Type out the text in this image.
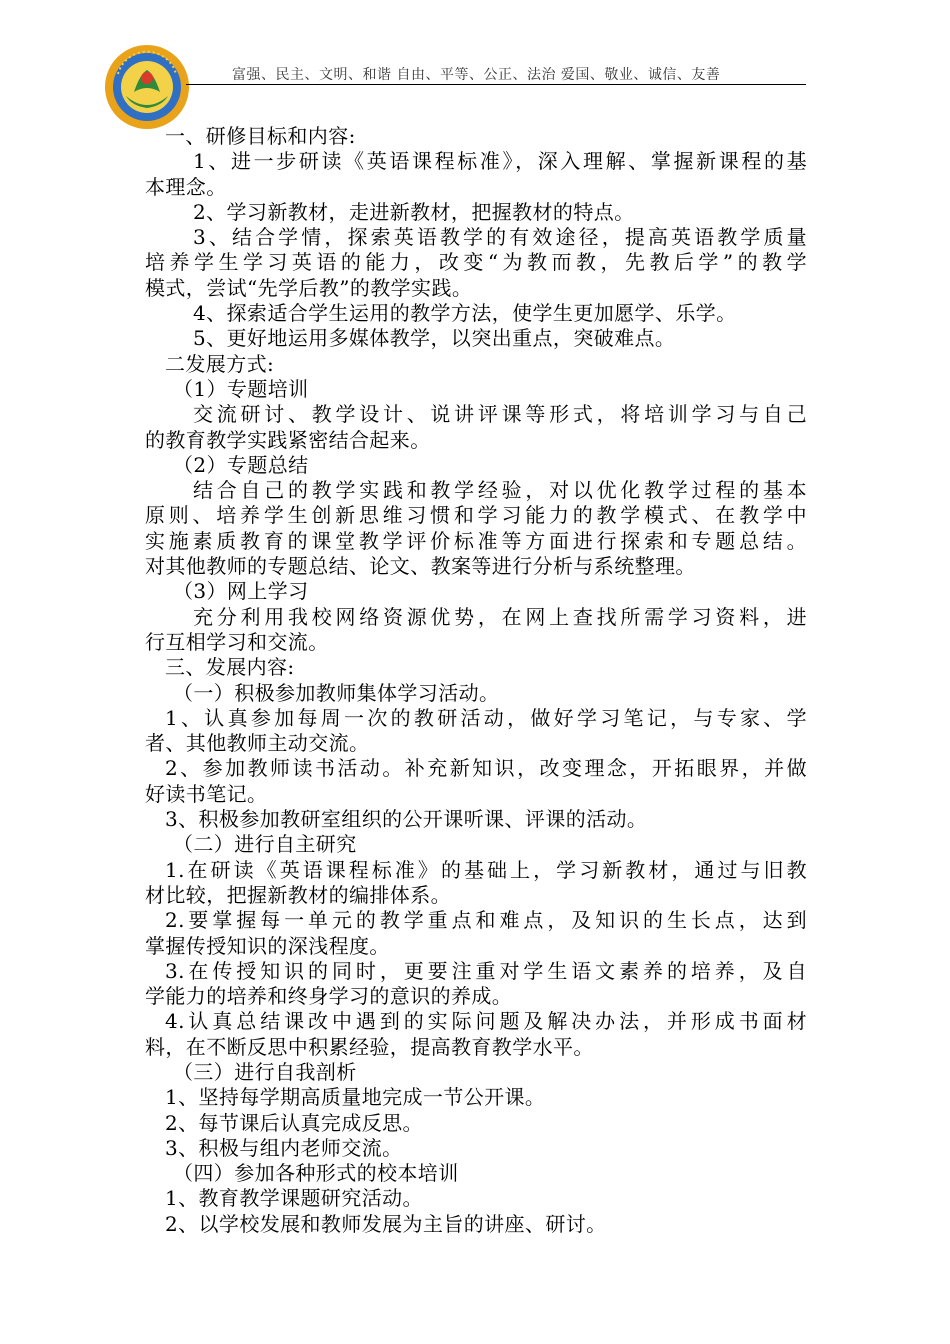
富强、民主、文明、和谐 自由、平等、公正、法治 爱国、敬业、诚信、友善
一、研修目标和内容:
1、进一步研读《英语课程标准》，深入理解、掌握新课程的基
本理念。
2、学习新教材，走进新教材，把握教材的特点。
3、结合学情，探索英语教学的有效途径，提高英语教学质量
培养学生学习英语的能力，改变“为教而教，先教后学”的教学
模式，尝试“先学后教”的教学实践。
4、探索适合学生运用的教学方法，使学生更加愿学、乐学。
5、更好地运用多媒体教学，以突出重点，突破难点。
二发展方式:
（1）专题培训
交流研讨、教学设计、说讲评课等形式，将培训学习与自己
的教育教学实践紧密结合起来。
（2）专题总结
结合自己的教学实践和教学经验，对以优化教学过程的基本
原则、培养学生创新思维习惯和学习能力的教学模式、在教学中
实施素质教育的课堂教学评价标准等方面进行探索和专题总结。
对其他教师的专题总结、论文、教案等进行分析与系统整理。
（3）网上学习
充分利用我校网络资源优势，在网上查找所需学习资料，进
行互相学习和交流。
三、发展内容:
（一）积极参加教师集体学习活动。
1、认真参加每周一次的教研活动，做好学习笔记，与专家、学
者、其他教师主动交流。
2、参加教师读书活动。补充新知识，改变理念，开拓眼界，并做
好读书笔记。
3、积极参加教研室组织的公开课听课、评课的活动。
（二）进行自主研究
1.在研读《英语课程标准》的基础上，学习新教材，通过与旧教
材比较，把握新教材的编排体系。
2.要掌握每一单元的教学重点和难点，及知识的生长点，达到
掌握传授知识的深浅程度。
3.在传授知识的同时，更要注重对学生语文素养的培养，及自
学能力的培养和终身学习的意识的养成。
4.认真总结课改中遇到的实际问题及解决办法，并形成书面材
料，在不断反思中积累经验，提高教育教学水平。
（三）进行自我剖析
1、坚持每学期高质量地完成一节公开课。
2、每节课后认真完成反思。
3、积极与组内老师交流。
（四）参加各种形式的校本培训
1、教育教学课题研究活动。
2、以学校发展和教师发展为主旨的讲座、研讨。
